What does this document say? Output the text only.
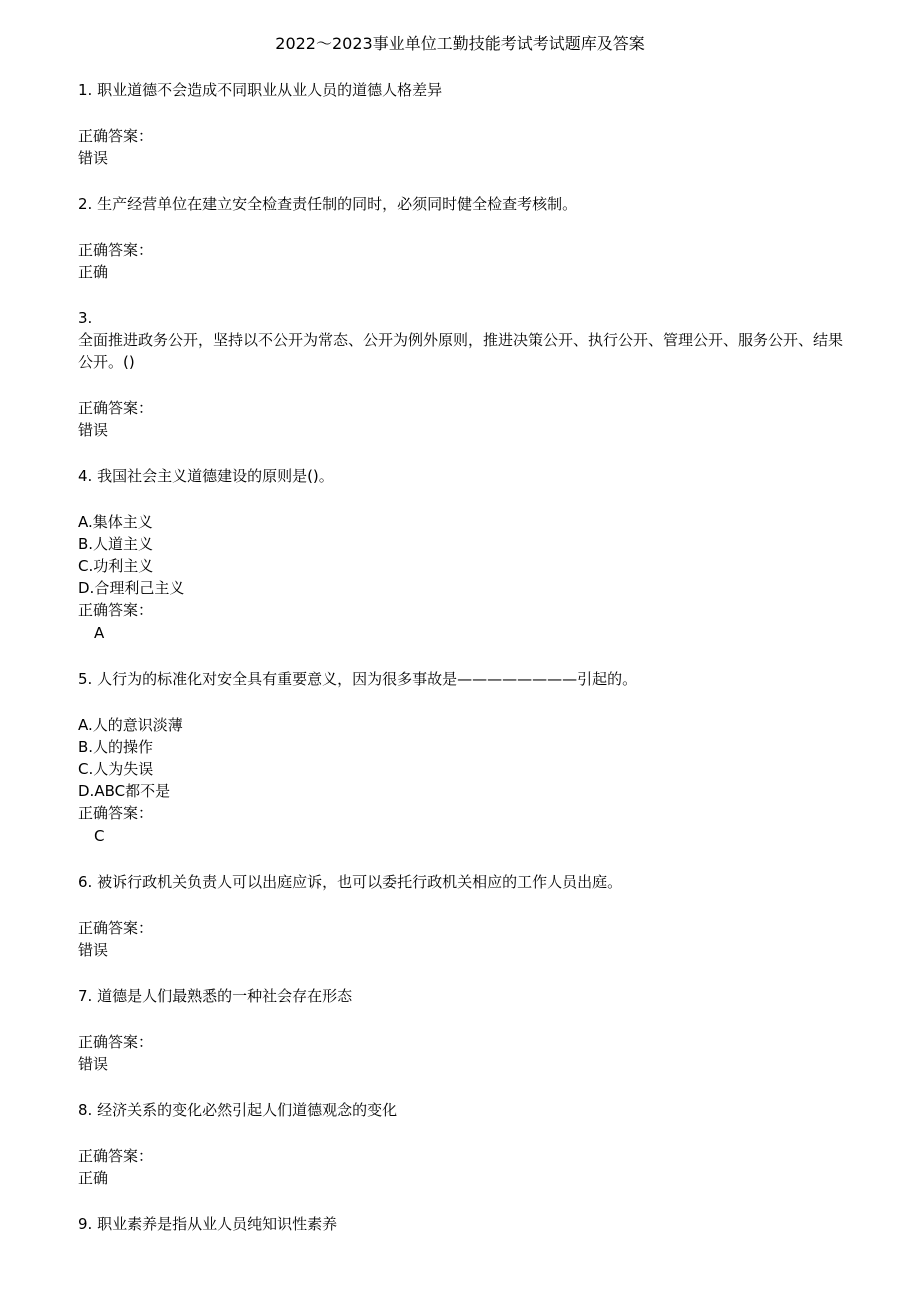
2022～2023事业单位工勤技能考试考试题库及答案
1. 职业道德不会造成不同职业从业人员的道德人格差异
正确答案：
错误
2. 生产经营单位在建立安全检查责任制的同时，必须同时健全检查考核制。
正确答案：
正确
3.
全面推进政务公开，坚持以不公开为常态、公开为例外原则，推进决策公开、执行公开、管理公开、服务公开、结果公开。()
正确答案：
错误
4. 我国社会主义道德建设的原则是()。
A.集体主义
B.人道主义
C.功利主义
D.合理利己主义
正确答案：
A
5. 人行为的标准化对安全具有重要意义，因为很多事故是————————引起的。
A.人的意识淡薄
B.人的操作
C.人为失误
D.ABC都不是
正确答案：
C
6. 被诉行政机关负责人可以出庭应诉，也可以委托行政机关相应的工作人员出庭。
正确答案：
错误
7. 道德是人们最熟悉的一种社会存在形态
正确答案：
错误
8. 经济关系的变化必然引起人们道德观念的变化
正确答案：
正确
9. 职业素养是指从业人员纯知识性素养
